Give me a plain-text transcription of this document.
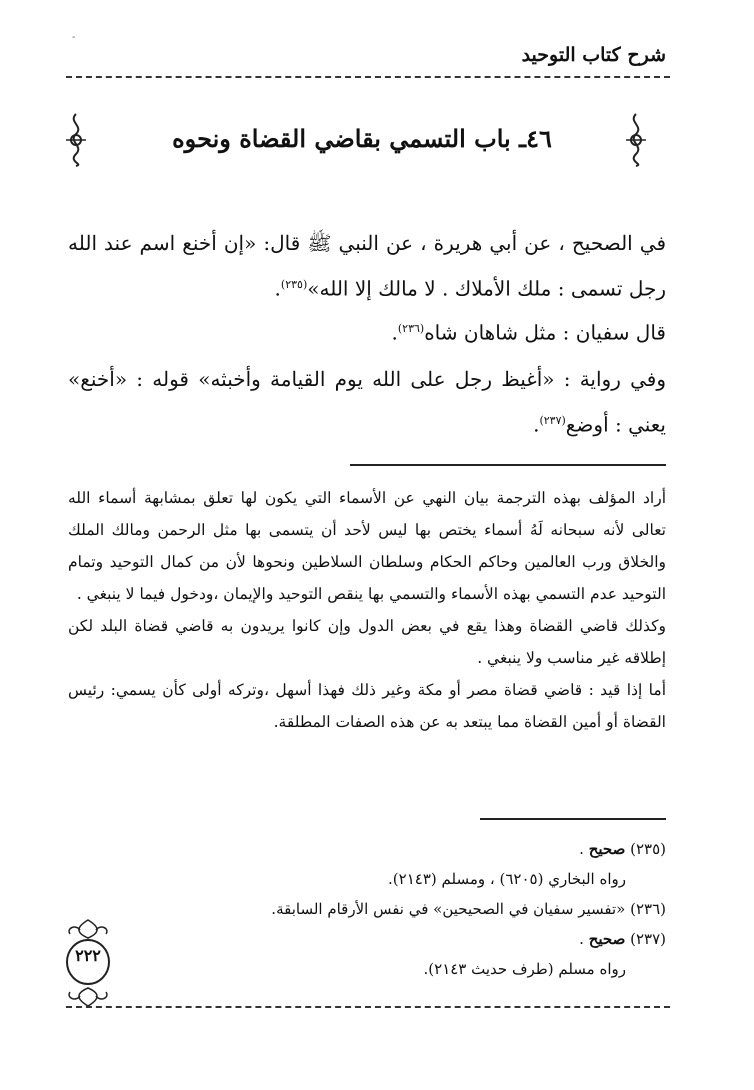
-
شرح كتاب التوحيد
٤٦ـ باب التسمي بقاضي القضاة ونحوه

في الصحيح ، عن أبي هريرة ، عن النبي ﷺ قال: «إن أخنع اسم عند الله رجل تسمى : ملك الأملاك . لا مالك إلا الله»$^{(٢٣٥)}$.

قال سفيان : مثل شاهان شاه$^{(٢٣٦)}$.

وفي رواية : «أغيظ رجل على الله يوم القيامة وأخبثه» قوله : «أخنع» يعني : أوضع$^{(٢٣٧)}$.

أراد المؤلف بهذه الترجمة بيان النهي عن الأسماء التي يكون لها تعلق بمشابهة أسماء الله تعالى لأنه سبحانه لَهُ أسماء يختص بها ليس لأحد أن يتسمى بها مثل الرحمن ومالك الملك والخلاق ورب العالمين وحاكم الحكام وسلطان السلاطين ونحوها لأن من كمال التوحيد وتمام التوحيد عدم التسمي بهذه الأسماء والتسمي بها ينقص التوحيد والإيمان ،ودخول فيما لا ينبغي .

وكذلك قاضي القضاة وهذا يقع في بعض الدول وإن كانوا يريدون به قاضي قضاة البلد لكن إطلاقه غير مناسب ولا ينبغي .

أما إذا قيد : قاضي قضاة مصر أو مكة وغير ذلك فهذا أسهل ،وتركه أولى كأن يسمي: رئيس القضاة أو أمين القضاة مما يبتعد به عن هذه الصفات المطلقة.

(٢٣٥) صحيح .

رواه البخاري (٦٢٠٥) ، ومسلم (٢١٤٣).

(٢٣٦) «تفسير سفيان في الصحيحين» في نفس الأرقام السابقة.

(٢٣٧) صحيح .

رواه مسلم (طرف حديث ٢١٤٣).

٢٢٢
